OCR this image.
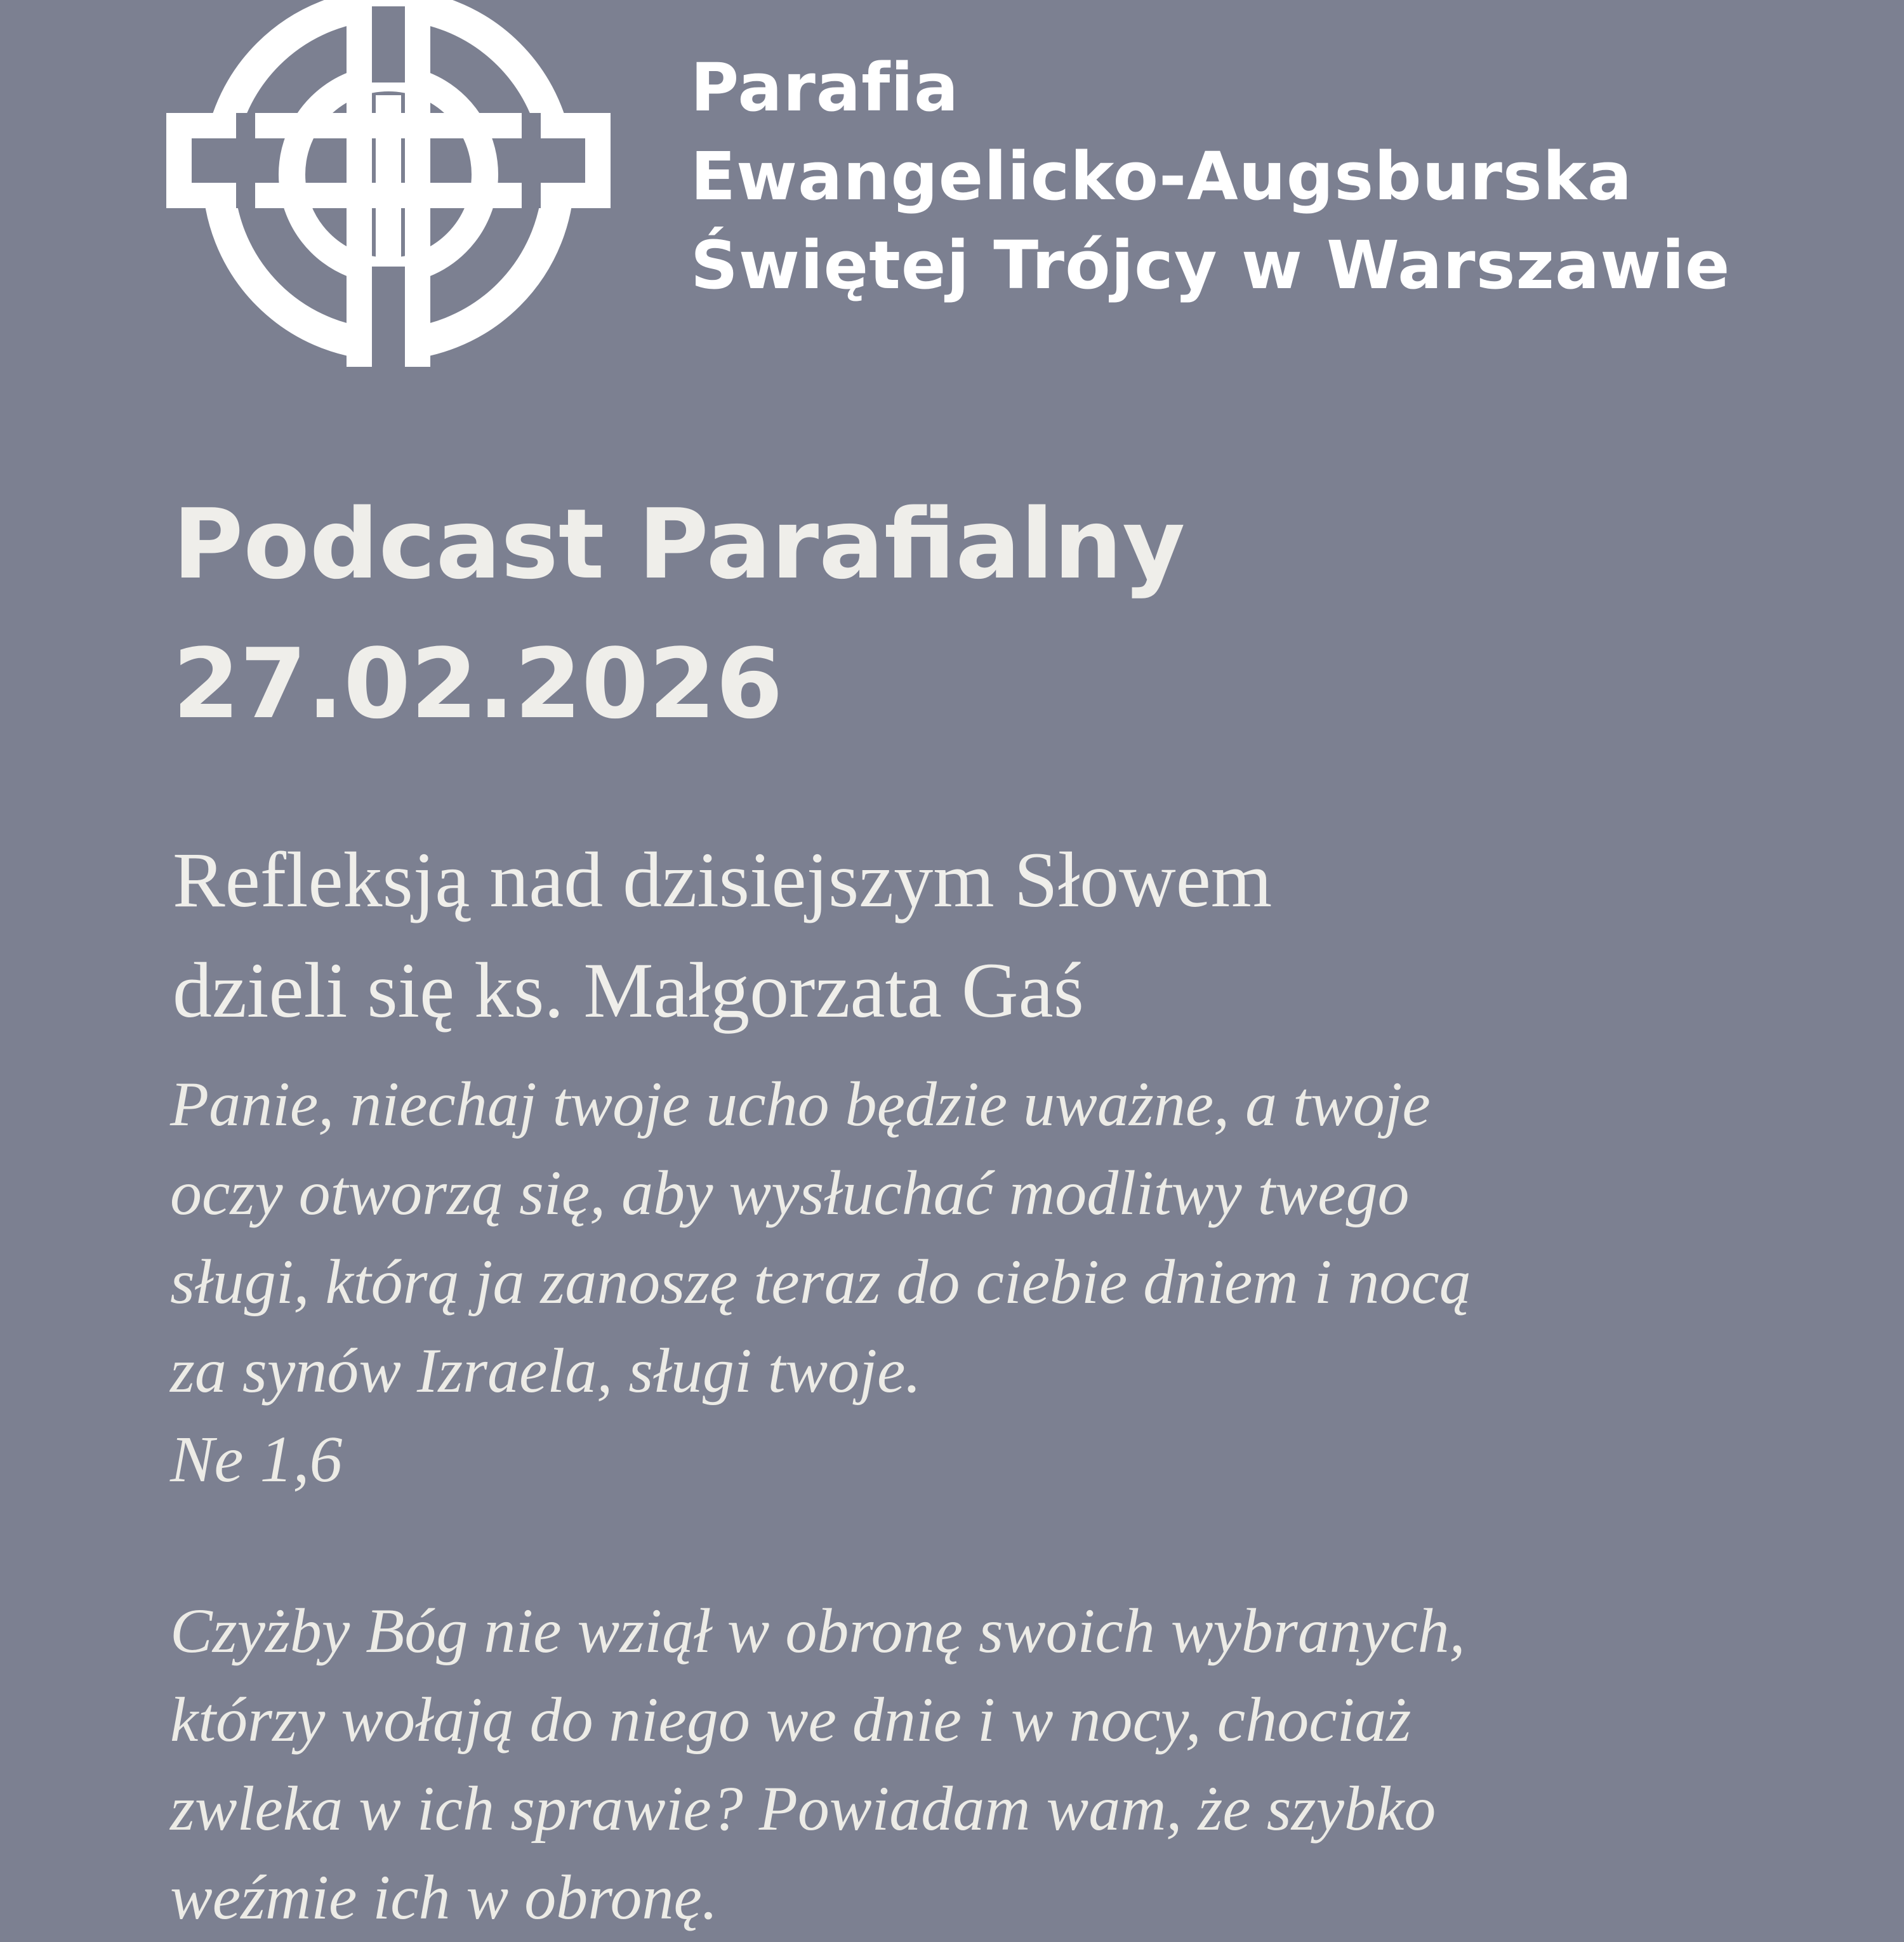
Parafia
Ewangelicko-Augsburska
Świętej Trójcy w Warszawie
Podcast Parafialny
27.02.2026
Refleksją nad dzisiejszym Słowem
dzieli się ks. Małgorzata Gaś
Panie, niechaj twoje ucho będzie uważne, a twoje
oczy otworzą się, aby wysłuchać modlitwy twego
sługi, którą ja zanoszę teraz do ciebie dniem i nocą
za synów Izraela, sługi twoje.
Ne 1,6
Czyżby Bóg nie wziął w obronę swoich wybranych,
którzy wołają do niego we dnie i w nocy, chociaż
zwleka w ich sprawie? Powiadam wam, że szybko
weźmie ich w obronę.
